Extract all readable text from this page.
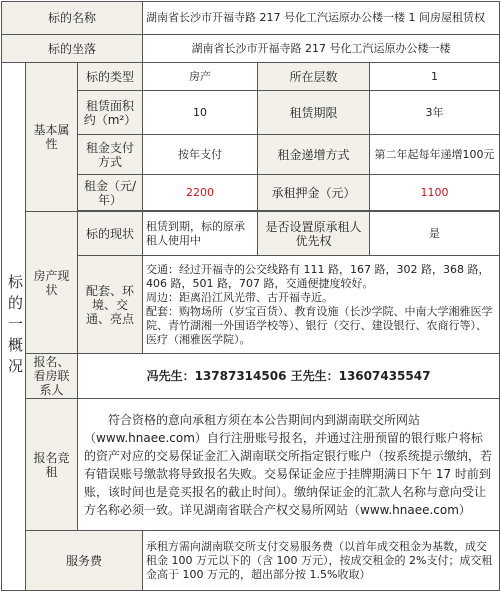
标的名称			湖南省长沙市开福寺路 217 号化工汽运原办公楼一楼 1 间房屋租赁权		
标的坐落			湖南省长沙市开福寺路 217 号化工汽运原办公楼一楼		

标的一概况	基本属性	标的类型	房产	所在层数	1
		租赁面积约（m²）	10	租赁期限	3年
		租金支付方式	按年支付	租金递增方式	第二年起每年递增100元
		租金（元/年）	2200	承租押金（元）	1100

	房产现状	标的现状	租赁到期，标的原承租人使用中	是否设置原承租人优先权	是
		配套、环境、交通、亮点	交通：经过开福寺的公交线路有 111 路，167 路，302 路，368 路，406 路，501 路，707 路，交通便捷度较好。
周边：距离沿江风光带、古开福寺近。
配套：购物场所（岁宝百货）、教育设施（长沙学院、中南大学湘雅医学院、青竹湖湘一外国语学校等）、银行（交行、建设银行、农商行等）、医疗（湘雅医学院）。		

	报名、看房联系人	冯先生：13787314506 王先生：13607435547			
	报名竞租	符合资格的意向承租方须在本公告期间内到湖南联交所网站（www.hnaee.com）自行注册账号报名，并通过注册预留的银行账户将标的资产对应的交易保证金汇入湖南联交所指定银行账户（按系统提示缴纳，若有错误账号缴款将导致报名失败。交易保证金应于挂牌期满日下午 17 时前到账，该时间也是竞买报名的截止时间）。缴纳保证金的汇款人名称与意向受让方名称必须一致。详见湖南省联合产权交易所网站（www.hnaee.com）			
	服务费		承租方需向湖南联交所支付交易服务费（以首年成交租金为基数，成交租金 100 万元以下的（含 100 万元），按成交租金的 2%支付；成交租金高于 100 万元的，超出部分按 1.5%收取）		
